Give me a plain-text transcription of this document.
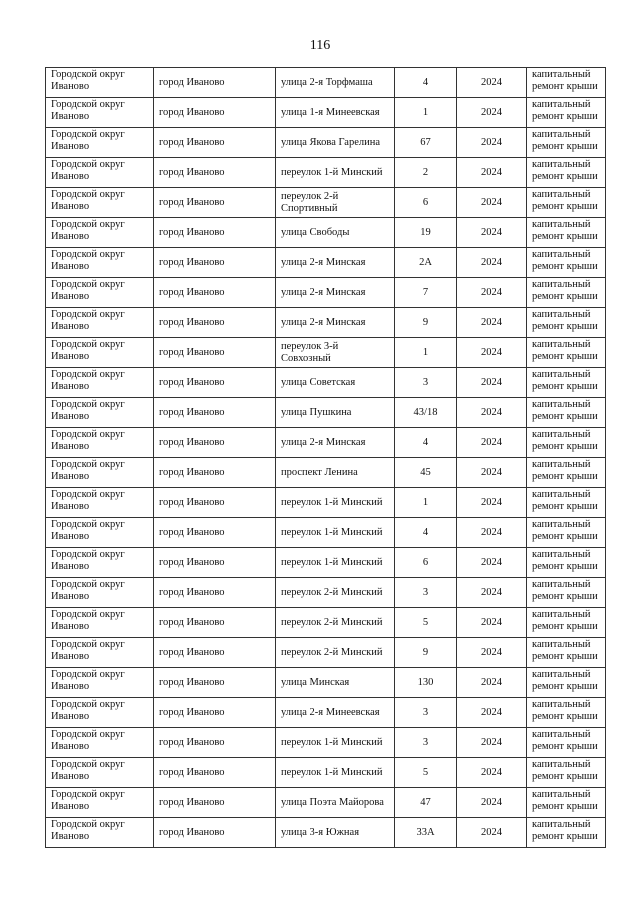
116
Городской округ Иваново	город Иваново	улица 2-я Торфмаша	4	2024	капитальный ремонт крыши
Городской округ Иваново	город Иваново	улица 1-я Минеевская	1	2024	капитальный ремонт крыши
Городской округ Иваново	город Иваново	улица Якова Гарелина	67	2024	капитальный ремонт крыши
Городской округ Иваново	город Иваново	переулок 1-й Минский	2	2024	капитальный ремонт крыши
Городской округ Иваново	город Иваново	переулок 2-й Спортивный	6	2024	капитальный ремонт крыши
Городской округ Иваново	город Иваново	улица Свободы	19	2024	капитальный ремонт крыши
Городской округ Иваново	город Иваново	улица 2-я Минская	2А	2024	капитальный ремонт крыши
Городской округ Иваново	город Иваново	улица 2-я Минская	7	2024	капитальный ремонт крыши
Городской округ Иваново	город Иваново	улица 2-я Минская	9	2024	капитальный ремонт крыши
Городской округ Иваново	город Иваново	переулок 3-й Совхозный	1	2024	капитальный ремонт крыши
Городской округ Иваново	город Иваново	улица Советская	3	2024	капитальный ремонт крыши
Городской округ Иваново	город Иваново	улица Пушкина	43/18	2024	капитальный ремонт крыши
Городской округ Иваново	город Иваново	улица 2-я Минская	4	2024	капитальный ремонт крыши
Городской округ Иваново	город Иваново	проспект Ленина	45	2024	капитальный ремонт крыши
Городской округ Иваново	город Иваново	переулок 1-й Минский	1	2024	капитальный ремонт крыши
Городской округ Иваново	город Иваново	переулок 1-й Минский	4	2024	капитальный ремонт крыши
Городской округ Иваново	город Иваново	переулок 1-й Минский	6	2024	капитальный ремонт крыши
Городской округ Иваново	город Иваново	переулок 2-й Минский	3	2024	капитальный ремонт крыши
Городской округ Иваново	город Иваново	переулок 2-й Минский	5	2024	капитальный ремонт крыши
Городской округ Иваново	город Иваново	переулок 2-й Минский	9	2024	капитальный ремонт крыши
Городской округ Иваново	город Иваново	улица Минская	130	2024	капитальный ремонт крыши
Городской округ Иваново	город Иваново	улица 2-я Минеевская	3	2024	капитальный ремонт крыши
Городской округ Иваново	город Иваново	переулок 1-й Минский	3	2024	капитальный ремонт крыши
Городской округ Иваново	город Иваново	переулок 1-й Минский	5	2024	капитальный ремонт крыши
Городской округ Иваново	город Иваново	улица Поэта Майорова	47	2024	капитальный ремонт крыши
Городской округ Иваново	город Иваново	улица 3-я Южная	33А	2024	капитальный ремонт крыши
